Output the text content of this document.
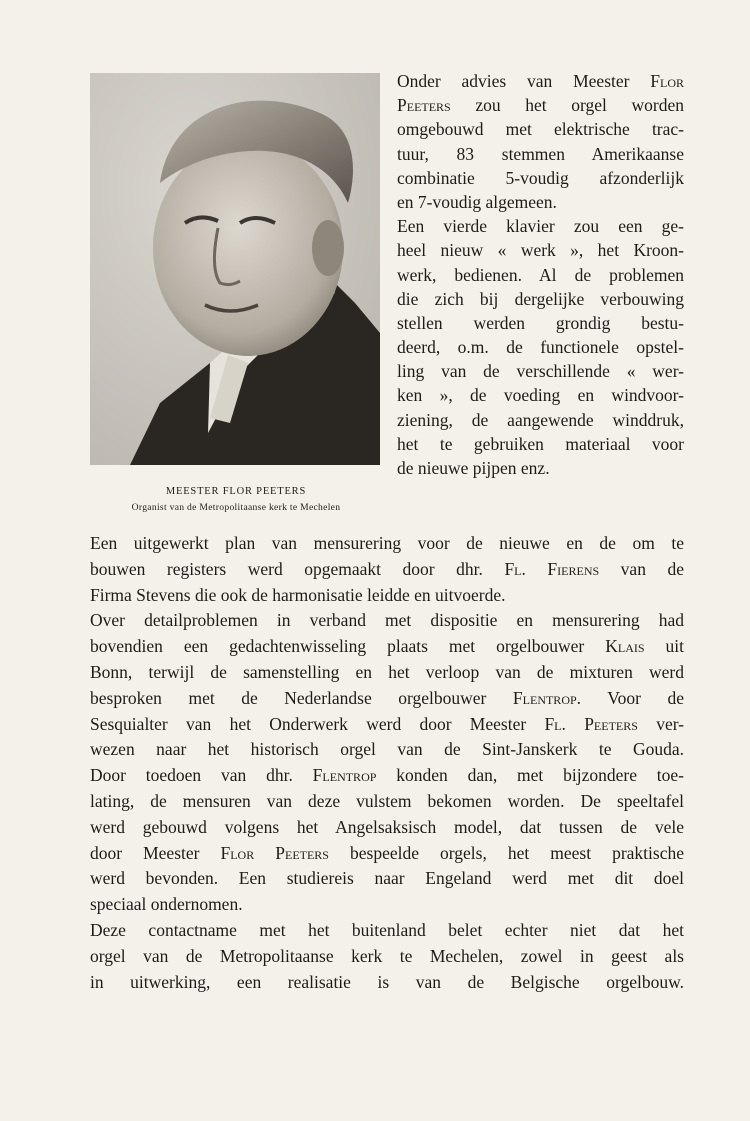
MEESTER FLOR PEETERS
Organist van de Metropolitaanse kerk te Mechelen
Onder advies van Meester Flor
Peeters zou het orgel worden
omgebouwd met elektrische trac-
tuur, 83 stemmen Amerikaanse
combinatie 5-voudig afzonderlijk
en 7-voudig algemeen.
Een vierde klavier zou een ge-
heel nieuw « werk », het Kroon-
werk, bedienen. Al de problemen
die zich bij dergelijke verbouwing
stellen werden grondig bestu-
deerd, o.m. de functionele opstel-
ling van de verschillende « wer-
ken », de voeding en windvoor-
ziening, de aangewende winddruk,
het te gebruiken materiaal voor
de nieuwe pijpen enz.
Een uitgewerkt plan van mensurering voor de nieuwe en de om te
bouwen registers werd opgemaakt door dhr. Fl. Fierens van de
Firma Stevens die ook de harmonisatie leidde en uitvoerde.
Over detailproblemen in verband met dispositie en mensurering had
bovendien een gedachtenwisseling plaats met orgelbouwer Klais uit
Bonn, terwijl de samenstelling en het verloop van de mixturen werd
besproken met de Nederlandse orgelbouwer Flentrop. Voor de
Sesquialter van het Onderwerk werd door Meester Fl. Peeters ver-
wezen naar het historisch orgel van de Sint-Janskerk te Gouda.
Door toedoen van dhr. Flentrop konden dan, met bijzondere toe-
lating, de mensuren van deze vulstem bekomen worden. De speeltafel
werd gebouwd volgens het Angelsaksisch model, dat tussen de vele
door Meester Flor Peeters bespeelde orgels, het meest praktische
werd bevonden. Een studiereis naar Engeland werd met dit doel
speciaal ondernomen.
Deze contactname met het buitenland belet echter niet dat het
orgel van de Metropolitaanse kerk te Mechelen, zowel in geest als
in uitwerking, een realisatie is van de Belgische orgelbouw.
